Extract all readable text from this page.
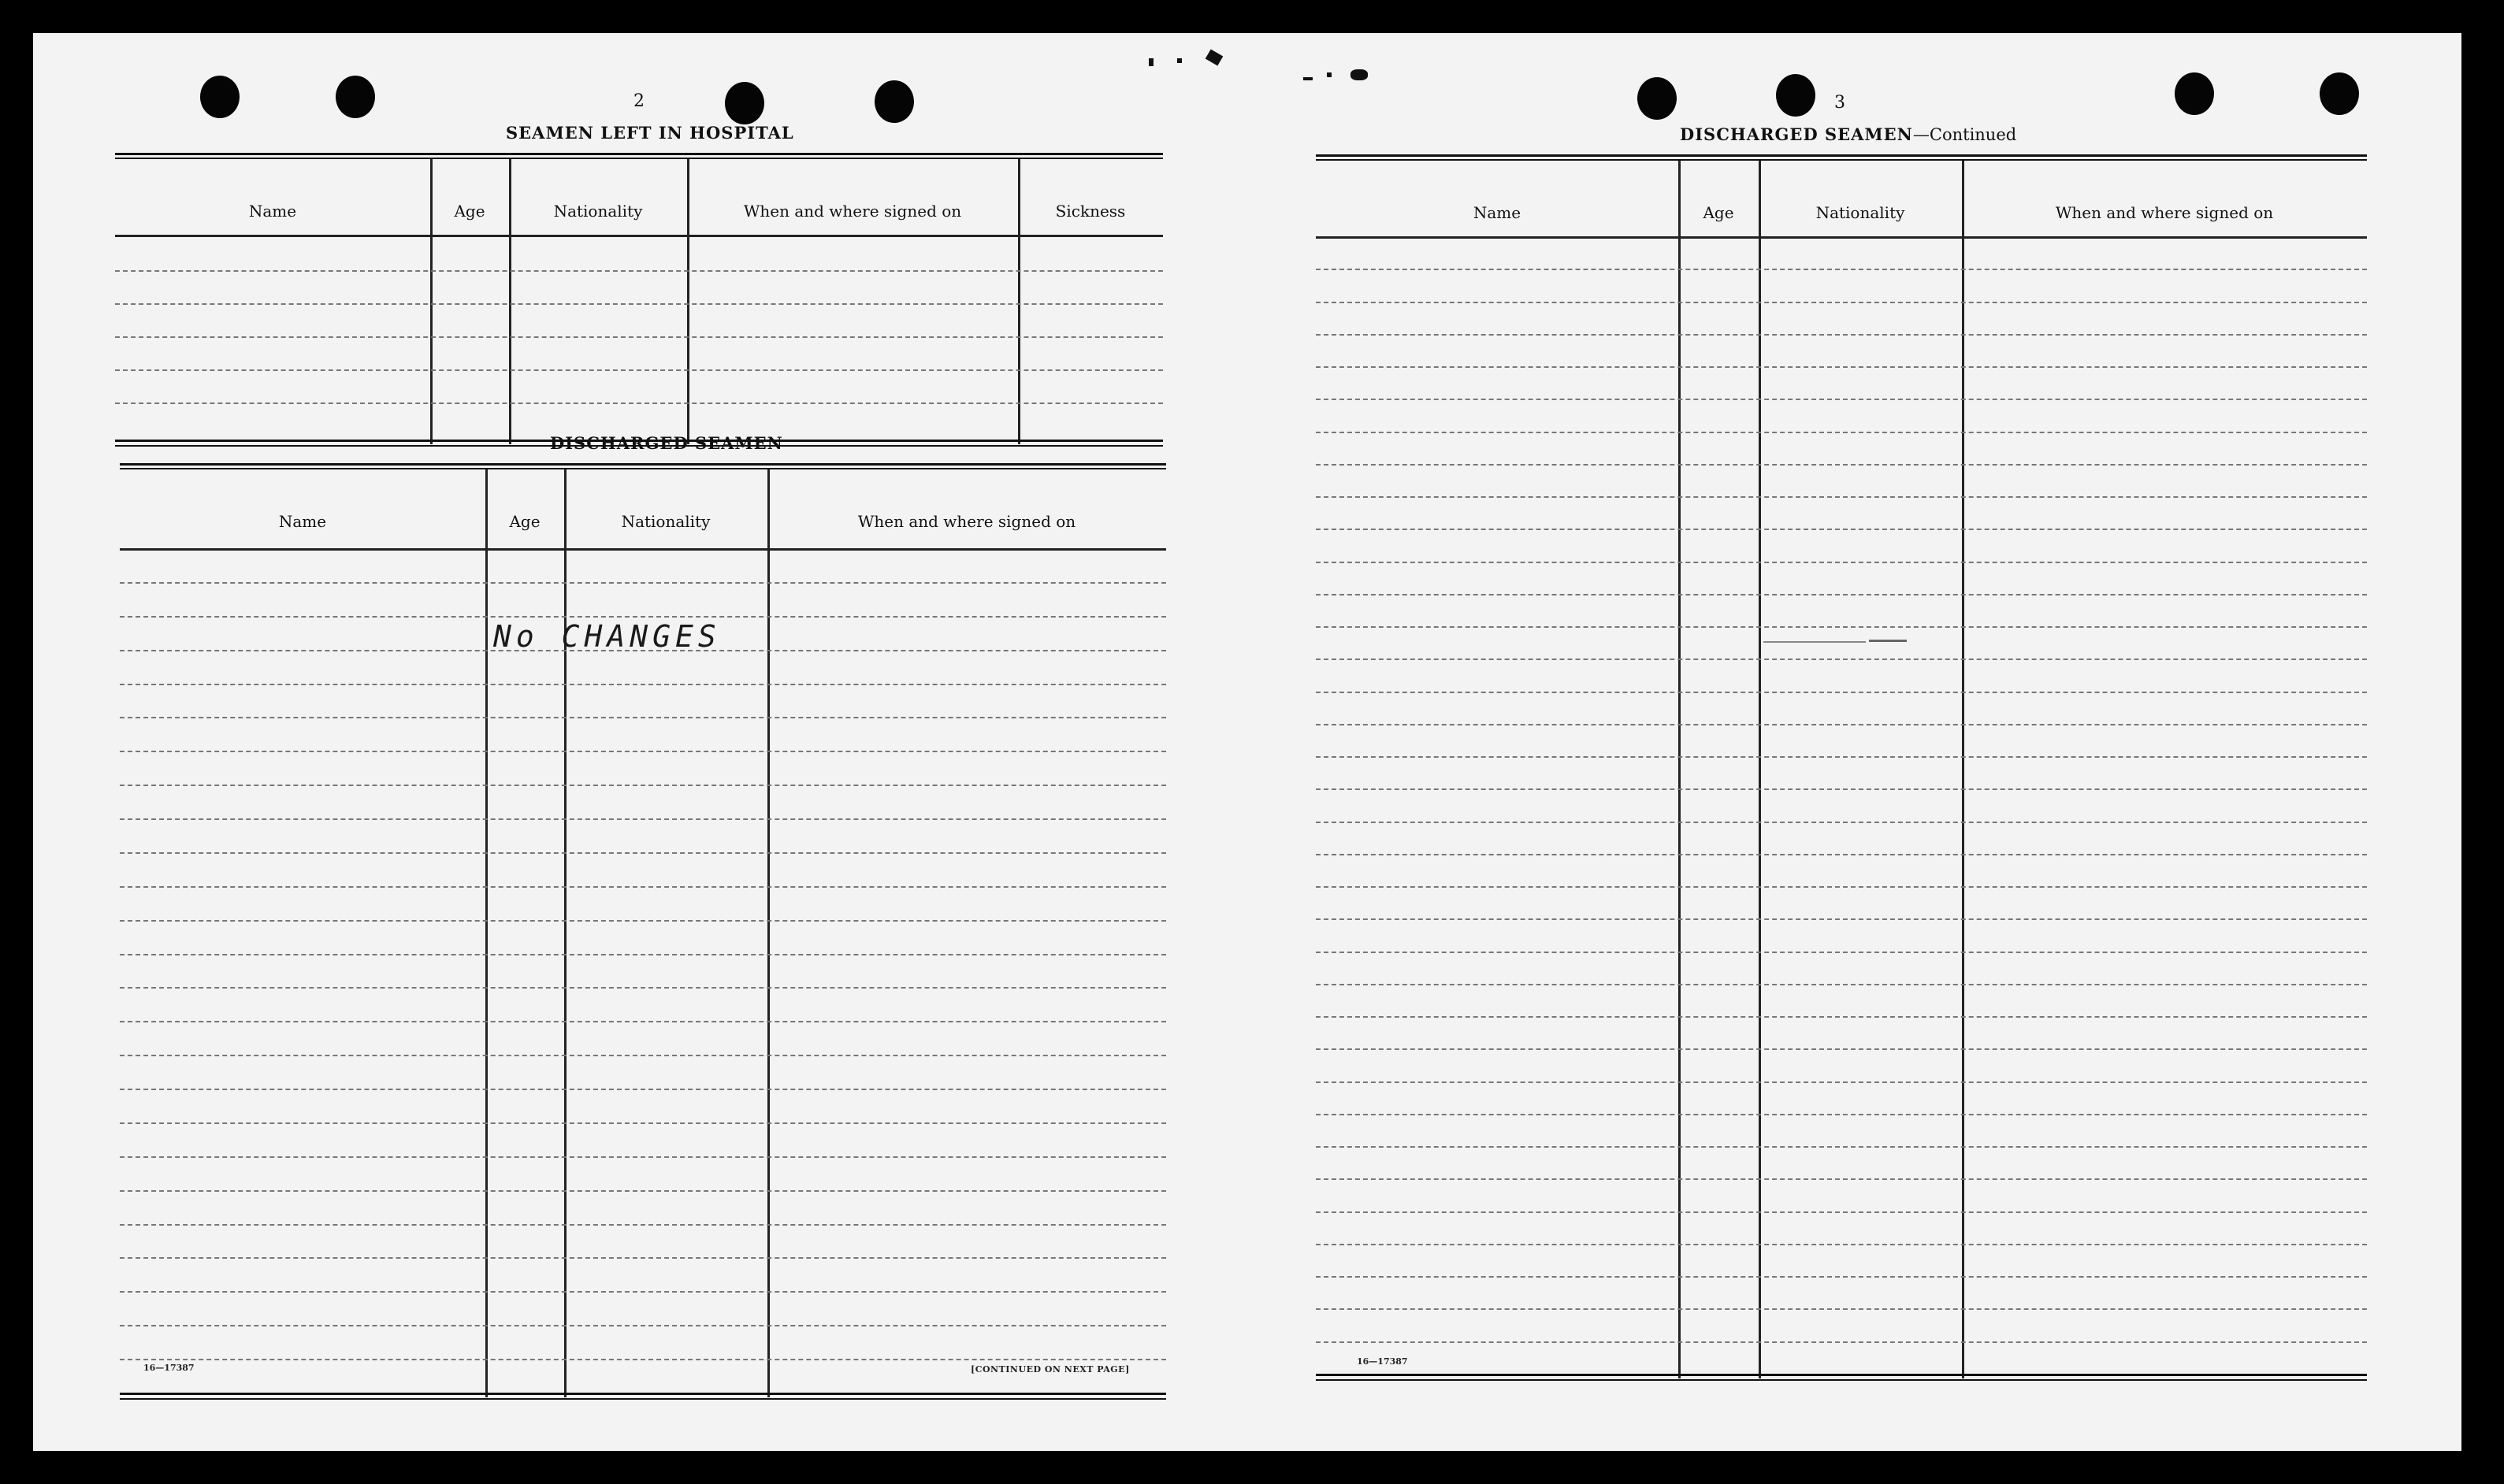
2
SEAMEN LEFT IN HOSPITAL
Name	Age	Nationality	When and where signed on	Sickness
DISCHARGED SEAMEN
Name	Age	Nationality	When and where signed on
No CHANGES
16—17387	[CONTINUED ON NEXT PAGE]
3
DISCHARGED SEAMEN—Continued
Name	Age	Nationality	When and where signed on
16—17387
